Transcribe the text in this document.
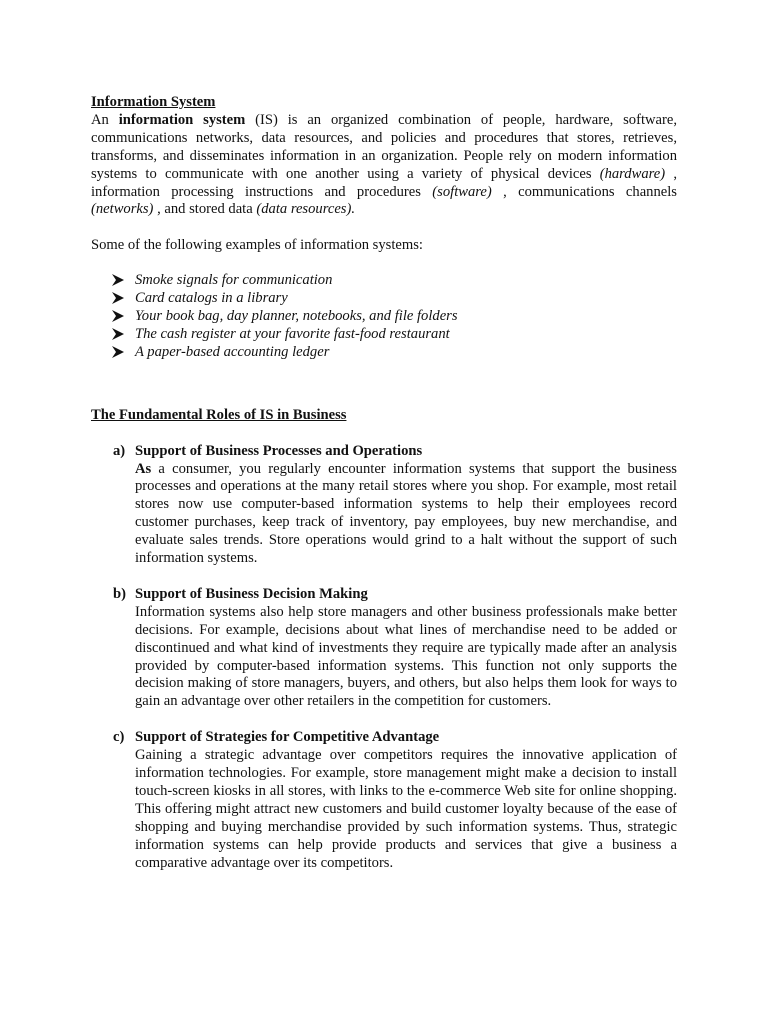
Information System

An information system (IS) is an organized combination of people, hardware, software, communications networks, data resources, and policies and procedures that stores, retrieves, transforms, and disseminates information in an organization. People rely on modern information systems to communicate with one another using a variety of physical devices (hardware) , information processing instructions and procedures (software) , communications channels (networks) , and stored data (data resources).

Some of the following examples of information systems:

Smoke signals for communication
Card catalogs in a library
Your book bag, day planner, notebooks, and file folders
The cash register at your favorite fast-food restaurant
A paper-based accounting ledger
The Fundamental Roles of IS in Business
a) Support of Business Processes and Operations

As a consumer, you regularly encounter information systems that support the business processes and operations at the many retail stores where you shop. For example, most retail stores now use computer-based information systems to help their employees record customer purchases, keep track of inventory, pay employees, buy new merchandise, and evaluate sales trends. Store operations would grind to a halt without the support of such information systems.

b) Support of Business Decision Making

Information systems also help store managers and other business professionals make better decisions. For example, decisions about what lines of merchandise need to be added or discontinued and what kind of investments they require are typically made after an analysis provided by computer-based information systems. This function not only supports the decision making of store managers, buyers, and others, but also helps them look for ways to gain an advantage over other retailers in the competition for customers.

c) Support of Strategies for Competitive Advantage

Gaining a strategic advantage over competitors requires the innovative application of information technologies. For example, store management might make a decision to install touch-screen kiosks in all stores, with links to the e-commerce Web site for online shopping. This offering might attract new customers and build customer loyalty because of the ease of shopping and buying merchandise provided by such information systems. Thus, strategic information systems can help provide products and services that give a business a comparative advantage over its competitors.
